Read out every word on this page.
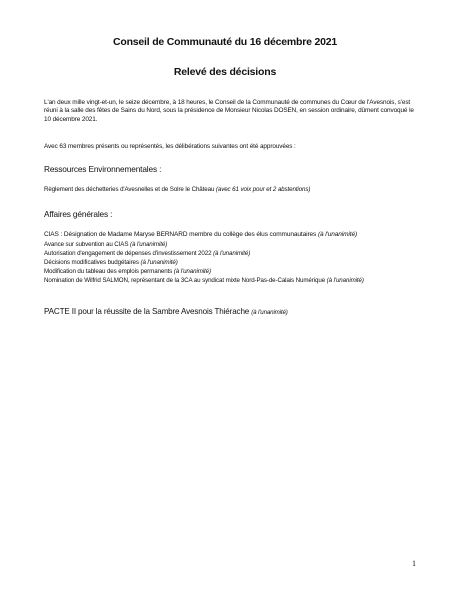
Conseil de Communauté du 16 décembre 2021
Relevé des décisions
L'an deux mille vingt-et-un, le seize décembre, à 18 heures, le Conseil de la Communauté de communes du Cœur de l'Avesnois, s'est réuni à la salle des fêtes de Sains du Nord, sous la présidence de Monsieur Nicolas DOSEN, en session ordinaire, dûment convoqué le 10 décembre 2021.
Avec 63 membres présents ou représentés, les délibérations suivantes ont été approuvées :
Ressources Environnementales :
Règlement des déchetteries d'Avesnelles et de Solre le Château (avec 61 voix pour et 2 abstentions)
Affaires générales :
CIAS : Désignation de Madame Maryse BERNARD membre du collège des élus communautaires (à l'unanimité)
Avance sur subvention au CIAS (à l'unanimité)
Autorisation d'engagement de dépenses d'investissement 2022 (à l'unanimité)
Décisions modificatives budgétaires (à l'unanimité)
Modification du tableau des emplois permanents (à l'unanimité)
Nomination de Wilfrid SALMON, représentant de la 3CA au syndicat mixte Nord-Pas-de-Calais Numérique (à l'unanimité)
PACTE II pour la réussite de la Sambre Avesnois Thiérache (à l'unanimité)
1
